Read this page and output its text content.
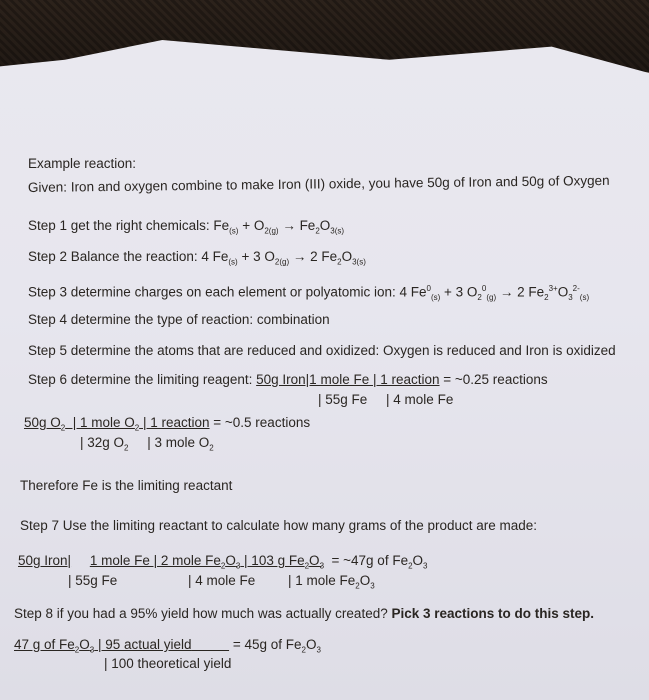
Example reaction:
Given: Iron and oxygen combine to make Iron (III) oxide, you have 50g of Iron and 50g of Oxygen
Step 1 get the right chemicals: $Fe_{(s)} + O_{2(g)} \to Fe_2O_{3(s)}$
Step 2 Balance the reaction: 4 $Fe_{(s)} + 3$ $O_{2(g)} \to 2$ $Fe_2O_{3(s)}$
Step 3 determine charges on each element or polyatomic ion: 4 $Fe^0_{(s)} + 3$ $O_2^0_{(g)} \to 2$ $Fe_2^{3+}O_3^{2-}_{(s)}$
Step 4 determine the type of reaction: combination
Step 5 determine the atoms that are reduced and oxidized: Oxygen is reduced and Iron is oxidized
Step 6 determine the limiting reagent: 50g Iron|1 mole Fe | 1 reaction = ~0.25 reactions
| 55g Fe     | 4 mole Fe
50g $O_2$  | 1 mole $O_2$ | 1 reaction = ~0.5 reactions
| 32g $O_2$     | 3 mole $O_2$
Therefore Fe is the limiting reactant
Step 7 Use the limiting reactant to calculate how many grams of the product are made:
50g Iron| 1 mole Fe | 2 mole $Fe_2O_3$ | 103 g $Fe_2O_3$  = ~47g of $Fe_2O_3$
| 55g Fe	| 4 mole Fe | 1 mole $Fe_2O_3$
Step 8 if you had a 95% yield how much was actually created? Pick 3 reactions to do this step.
47 g of $Fe_2O_3$ | 95 actual yield	= 45g of $Fe_2O_3$
| 100 theoretical yield
